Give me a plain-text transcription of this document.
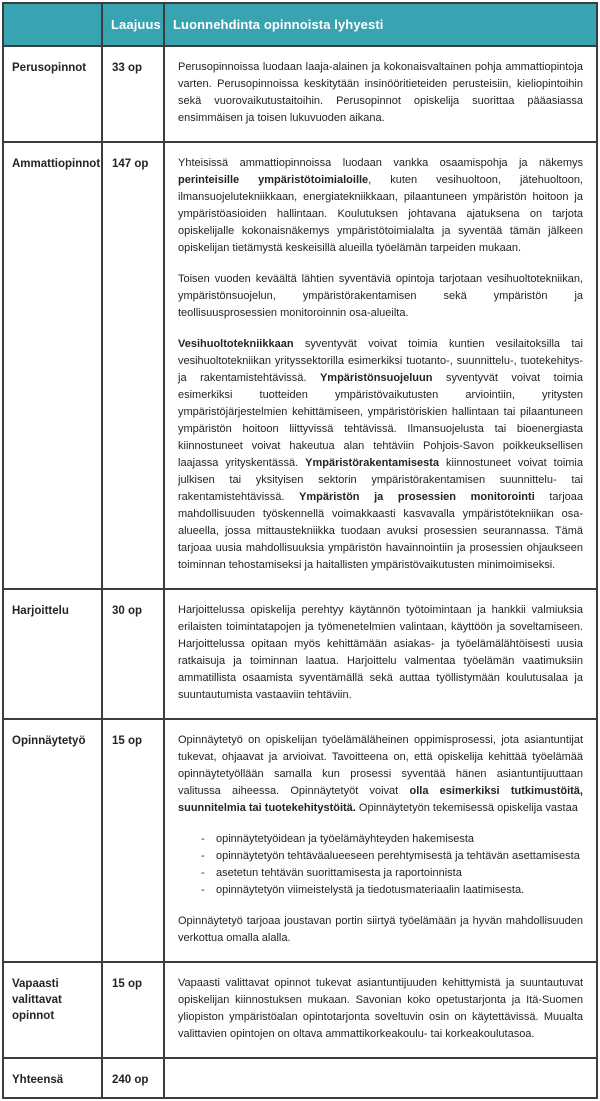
	Laajuus	Luonnehdinta opinnoista lyhyesti
Perusopinnot	33 op	Perusopinnoissa luodaan laaja-alainen ja kokonaisvaltainen pohja ammattiopintoja varten. Perusopinnoissa keskitytään insinööritieteiden perusteisiin, kieliopintoihin sekä vuorovaikutustaitoihin. Perusopinnot opiskelija suorittaa pääasiassa ensimmäisen ja toisen lukuvuoden aikana.

Ammattiopinnot	147 op	Yhteisissä ammattiopinnoissa luodaan vankka osaamispohja ja näkemys perinteisille ympäristötoimialoille, kuten vesihuoltoon, jätehuoltoon, ilmansuojelutekniikkaan, energiatekniikkaan, pilaantuneen ympäristön hoitoon ja ympäristöasioiden hallintaan. Koulutuksen johtavana ajatuksena on tarjota opiskelijalle kokonaisnäkemys ympäristötoimialalta ja syventää tämän jälkeen opiskelijan tietämystä keskeisillä alueilla työelämän tarpeiden mukaan.

Toisen vuoden keväältä lähtien syventäviä opintoja tarjotaan vesihuoltotekniikan, ympäristönsuojelun, ympäristörakentamisen sekä ympäristön ja teollisuusprosessien monitoroinnin osa-alueilta.

Vesihuoltotekniikkaan syventyvät voivat toimia kuntien vesilaitoksilla tai vesihuoltotekniikan yrityssektorilla esimerkiksi tuotanto-, suunnittelu-, tuotekehitys- ja rakentamistehtävissä. Ympäristönsuojeluun syventyvät voivat toimia esimerkiksi tuotteiden ympäristövaikutusten arviointiin, yritysten ympäristöjärjestelmien kehittämiseen, ympäristöriskien hallintaan tai pilaantuneen ympäristön hoitoon liittyvissä tehtävissä. Ilmansuojelusta tai bioenergiasta kiinnostuneet voivat hakeutua alan tehtäviin Pohjois-Savon poikkeuksellisen laajassa yrityskentässä. Ympäristörakentamisesta kiinnostuneet voivat toimia julkisen tai yksityisen sektorin ympäristörakentamisen suunnittelu- tai rakentamistehtävissä. Ympäristön ja prosessien monitorointi tarjoaa mahdollisuuden työskennellä voimakkaasti kasvavalla ympäristötekniikan osa-alueella, jossa mittaustekniikka tuodaan avuksi prosessien seurannassa. Tämä tarjoaa uusia mahdollisuuksia ympäristön havainnointiin ja prosessien ohjaukseen toiminnan tehostamiseksi ja haitallisten ympäristövaikutusten minimoimiseksi.

Harjoittelu	30 op	Harjoittelussa opiskelija perehtyy käytännön työtoimintaan ja hankkii valmiuksia erilaisten toimintatapojen ja työmenetelmien valintaan, käyttöön ja soveltamiseen. Harjoittelussa opitaan myös kehittämään asiakas- ja työelämälähtöisesti uusia ratkaisuja ja toiminnan laatua. Harjoittelu valmentaa työelämän vaatimuksiin ammatillista osaamista syventämällä sekä auttaa työllistymään koulutusalaa ja suuntautumista vastaaviin tehtäviin.

Opinnäytetyö	15 op	Opinnäytetyö on opiskelijan työelämäläheinen oppimisprosessi, jota asiantuntijat tukevat, ohjaavat ja arvioivat. Tavoitteena on, että opiskelija kehittää työelämää opinnäytetyöllään samalla kun prosessi syventää hänen asiantuntijuuttaan valitussa aiheessa. Opinnäytetyöt voivat olla esimerkiksi tutkimustöitä, suunnitelmia tai tuotekehitystöitä. Opinnäytetyön tekemisessä opiskelija vastaa

- opinnäytetyöidean ja työelämäyhteyden hakemisesta
- opinnäytetyön tehtäväalueeseen perehtymisestä ja tehtävän asettamisesta
- asetetun tehtävän suorittamisesta ja raportoinnista
- opinnäytetyön viimeistelystä ja tiedotusmateriaalin laatimisesta.

Opinnäytetyö tarjoaa joustavan portin siirtyä työelämään ja hyvän mahdollisuuden verkottua omalla alalla.

Vapaasti valittavat opinnot	15 op	Vapaasti valittavat opinnot tukevat asiantuntijuuden kehittymistä ja suuntautuvat opiskelijan kiinnostuksen mukaan. Savonian koko opetustarjonta ja Itä-Suomen yliopiston ympäristöalan opintotarjonta soveltuvin osin on käytettävissä. Muualta valittavien opintojen on oltava ammattikorkeakoulu- tai korkeakoulutasoa.

Yhteensä	240 op	
